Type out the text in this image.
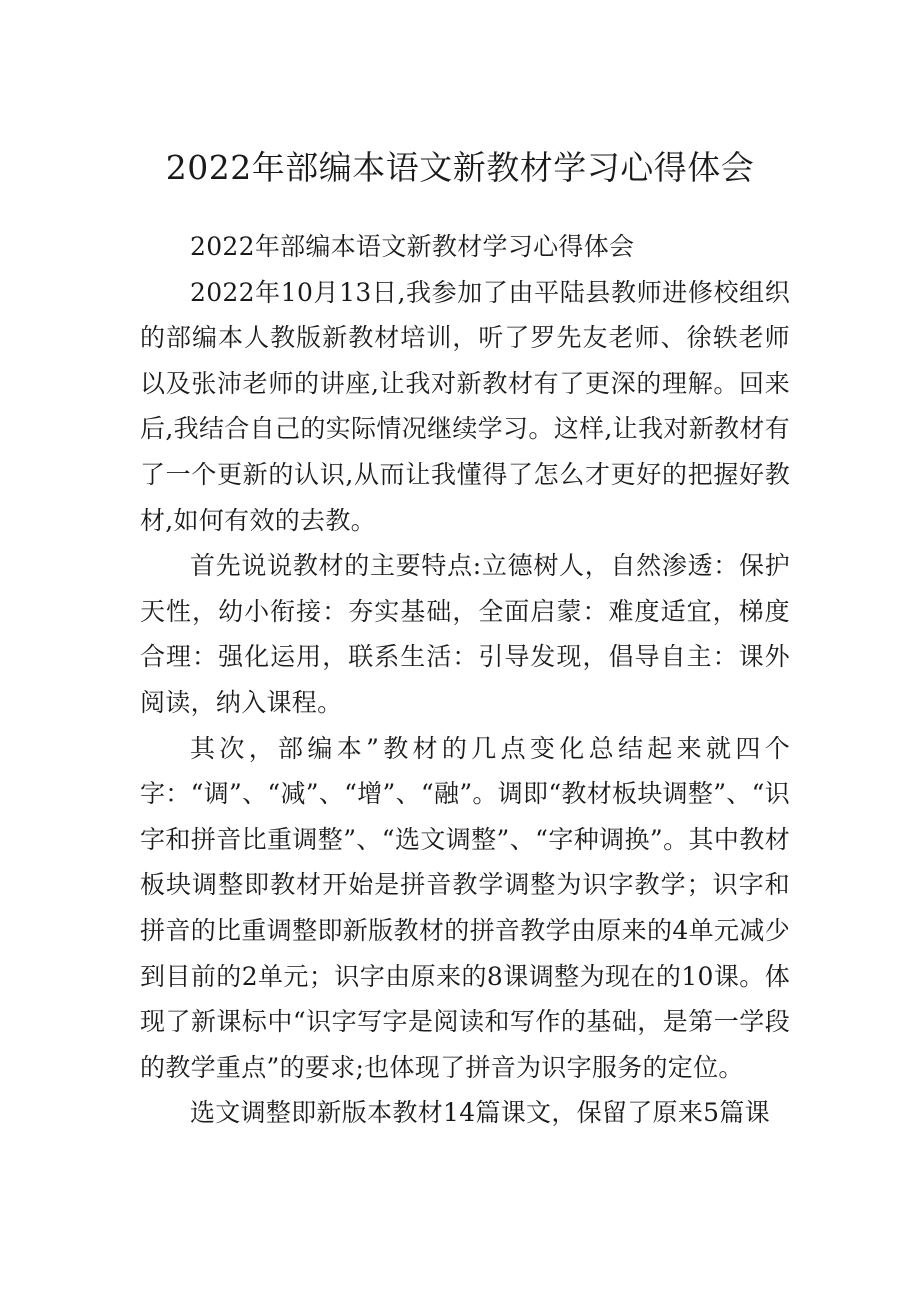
2022年部编本语文新教材学习心得体会

2022年部编本语文新教材学习心得体会

2022年10月13日,我参加了由平陆县教师进修校组织的部编本人教版新教材培训，听了罗先友老师、徐轶老师以及张沛老师的讲座,让我对新教材有了更深的理解。回来后,我结合自己的实际情况继续学习。这样,让我对新教材有了一个更新的认识,从而让我懂得了怎么才更好的把握好教材,如何有效的去教。

首先说说教材的主要特点:立德树人，自然渗透：保护天性，幼小衔接：夯实基础，全面启蒙：难度适宜，梯度合理：强化运用，联系生活：引导发现，倡导自主：课外阅读，纳入课程。

其次，部编本”教材的几点变化总结起来就四个字：“调”、“减”、“增”、“融”。调即“教材板块调整”、“识字和拼音比重调整”、“选文调整”、“字种调换”。其中教材板块调整即教材开始是拼音教学调整为识字教学；识字和拼音的比重调整即新版教材的拼音教学由原来的4单元减少到目前的2单元；识字由原来的8课调整为现在的10课。体现了新课标中“识字写字是阅读和写作的基础，是第一学段的教学重点”的要求;也体现了拼音为识字服务的定位。

选文调整即新版本教材14篇课文，保留了原来5篇课
